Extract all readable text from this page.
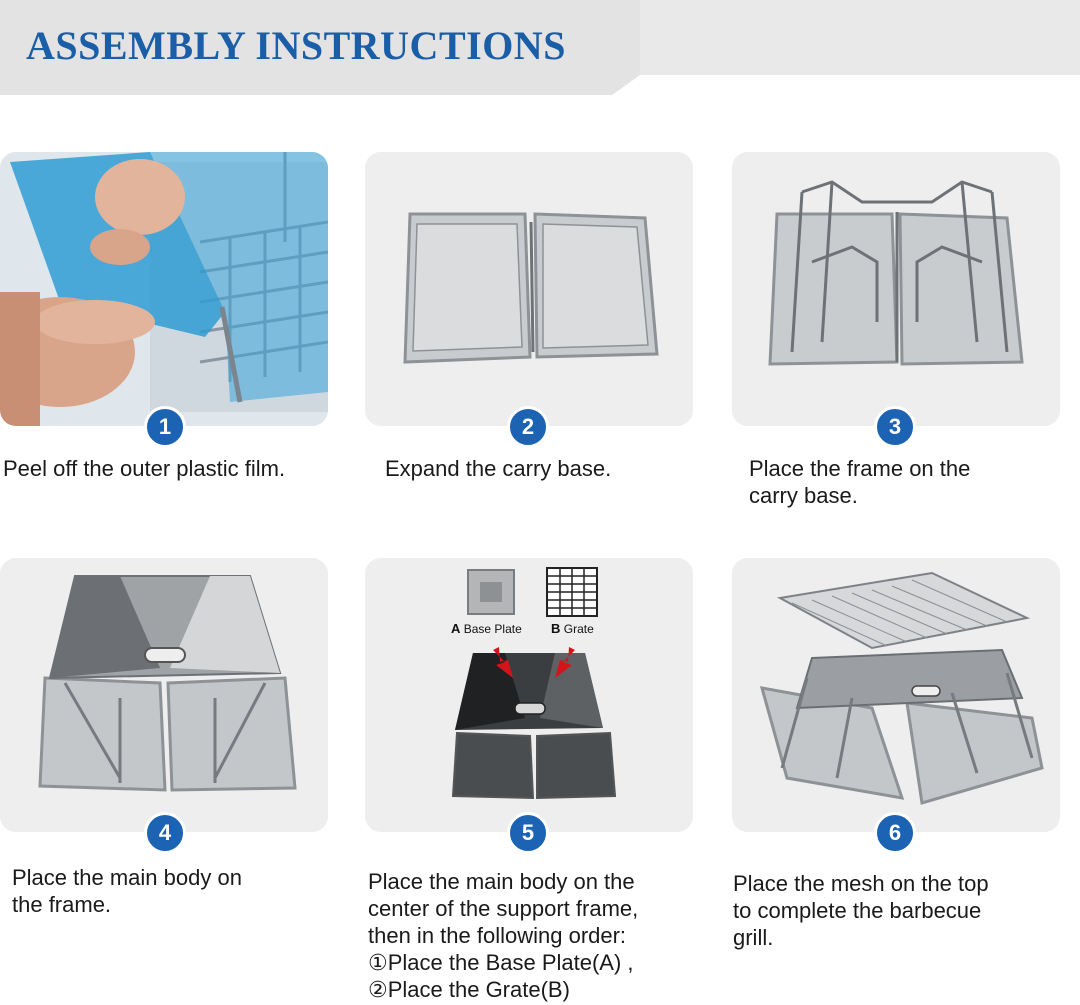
ASSEMBLY INSTRUCTIONS
A Base Plate B Grate
1	2	3
4	5	6
Peel off the outer plastic film.	Expand the carry base.	Place the frame on the
carry base.
Place the main body on
the frame.
Place the main body on the
center of the support frame,
then in the following order:
①Place the Base Plate(A) ,
②Place the Grate(B)
Place the mesh on the top
to complete the barbecue
grill.
